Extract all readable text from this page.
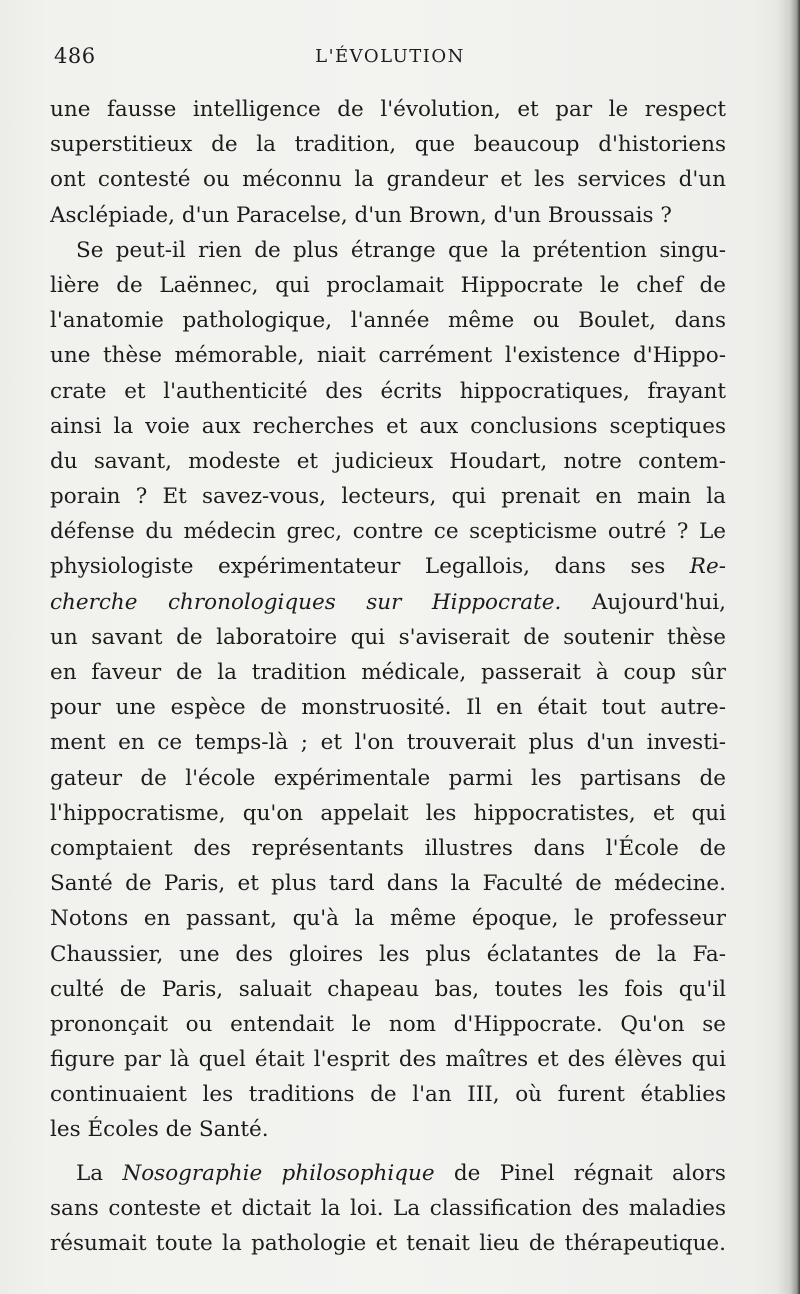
486	L'ÉVOLUTION
une fausse intelligence de l'évolution, et par le respect
superstitieux de la tradition, que beaucoup d'historiens
ont contesté ou méconnu la grandeur et les services d'un
Asclépiade, d'un Paracelse, d'un Brown, d'un Broussais ?
Se peut-il rien de plus étrange que la prétention singu-
lière de Laënnec, qui proclamait Hippocrate le chef de
l'anatomie pathologique, l'année même ou Boulet, dans
une thèse mémorable, niait carrément l'existence d'Hippo-
crate et l'authenticité des écrits hippocratiques, frayant
ainsi la voie aux recherches et aux conclusions sceptiques
du savant, modeste et judicieux Houdart, notre contem-
porain ? Et savez-vous, lecteurs, qui prenait en main la
défense du médecin grec, contre ce scepticisme outré ? Le
physiologiste expérimentateur Legallois, dans ses Re-
cherche chronologiques sur Hippocrate. Aujourd'hui,
un savant de laboratoire qui s'aviserait de soutenir thèse
en faveur de la tradition médicale, passerait à coup sûr
pour une espèce de monstruosité. Il en était tout autre-
ment en ce temps-là ; et l'on trouverait plus d'un investi-
gateur de l'école expérimentale parmi les partisans de
l'hippocratisme, qu'on appelait les hippocratistes, et qui
comptaient des représentants illustres dans l'École de
Santé de Paris, et plus tard dans la Faculté de médecine.
Notons en passant, qu'à la même époque, le professeur
Chaussier, une des gloires les plus éclatantes de la Fa-
culté de Paris, saluait chapeau bas, toutes les fois qu'il
prononçait ou entendait le nom d'Hippocrate. Qu'on se
figure par là quel était l'esprit des maîtres et des élèves qui
continuaient les traditions de l'an III, où furent établies
les Écoles de Santé.
La Nosographie philosophique de Pinel régnait alors
sans conteste et dictait la loi. La classification des maladies
résumait toute la pathologie et tenait lieu de thérapeutique.
